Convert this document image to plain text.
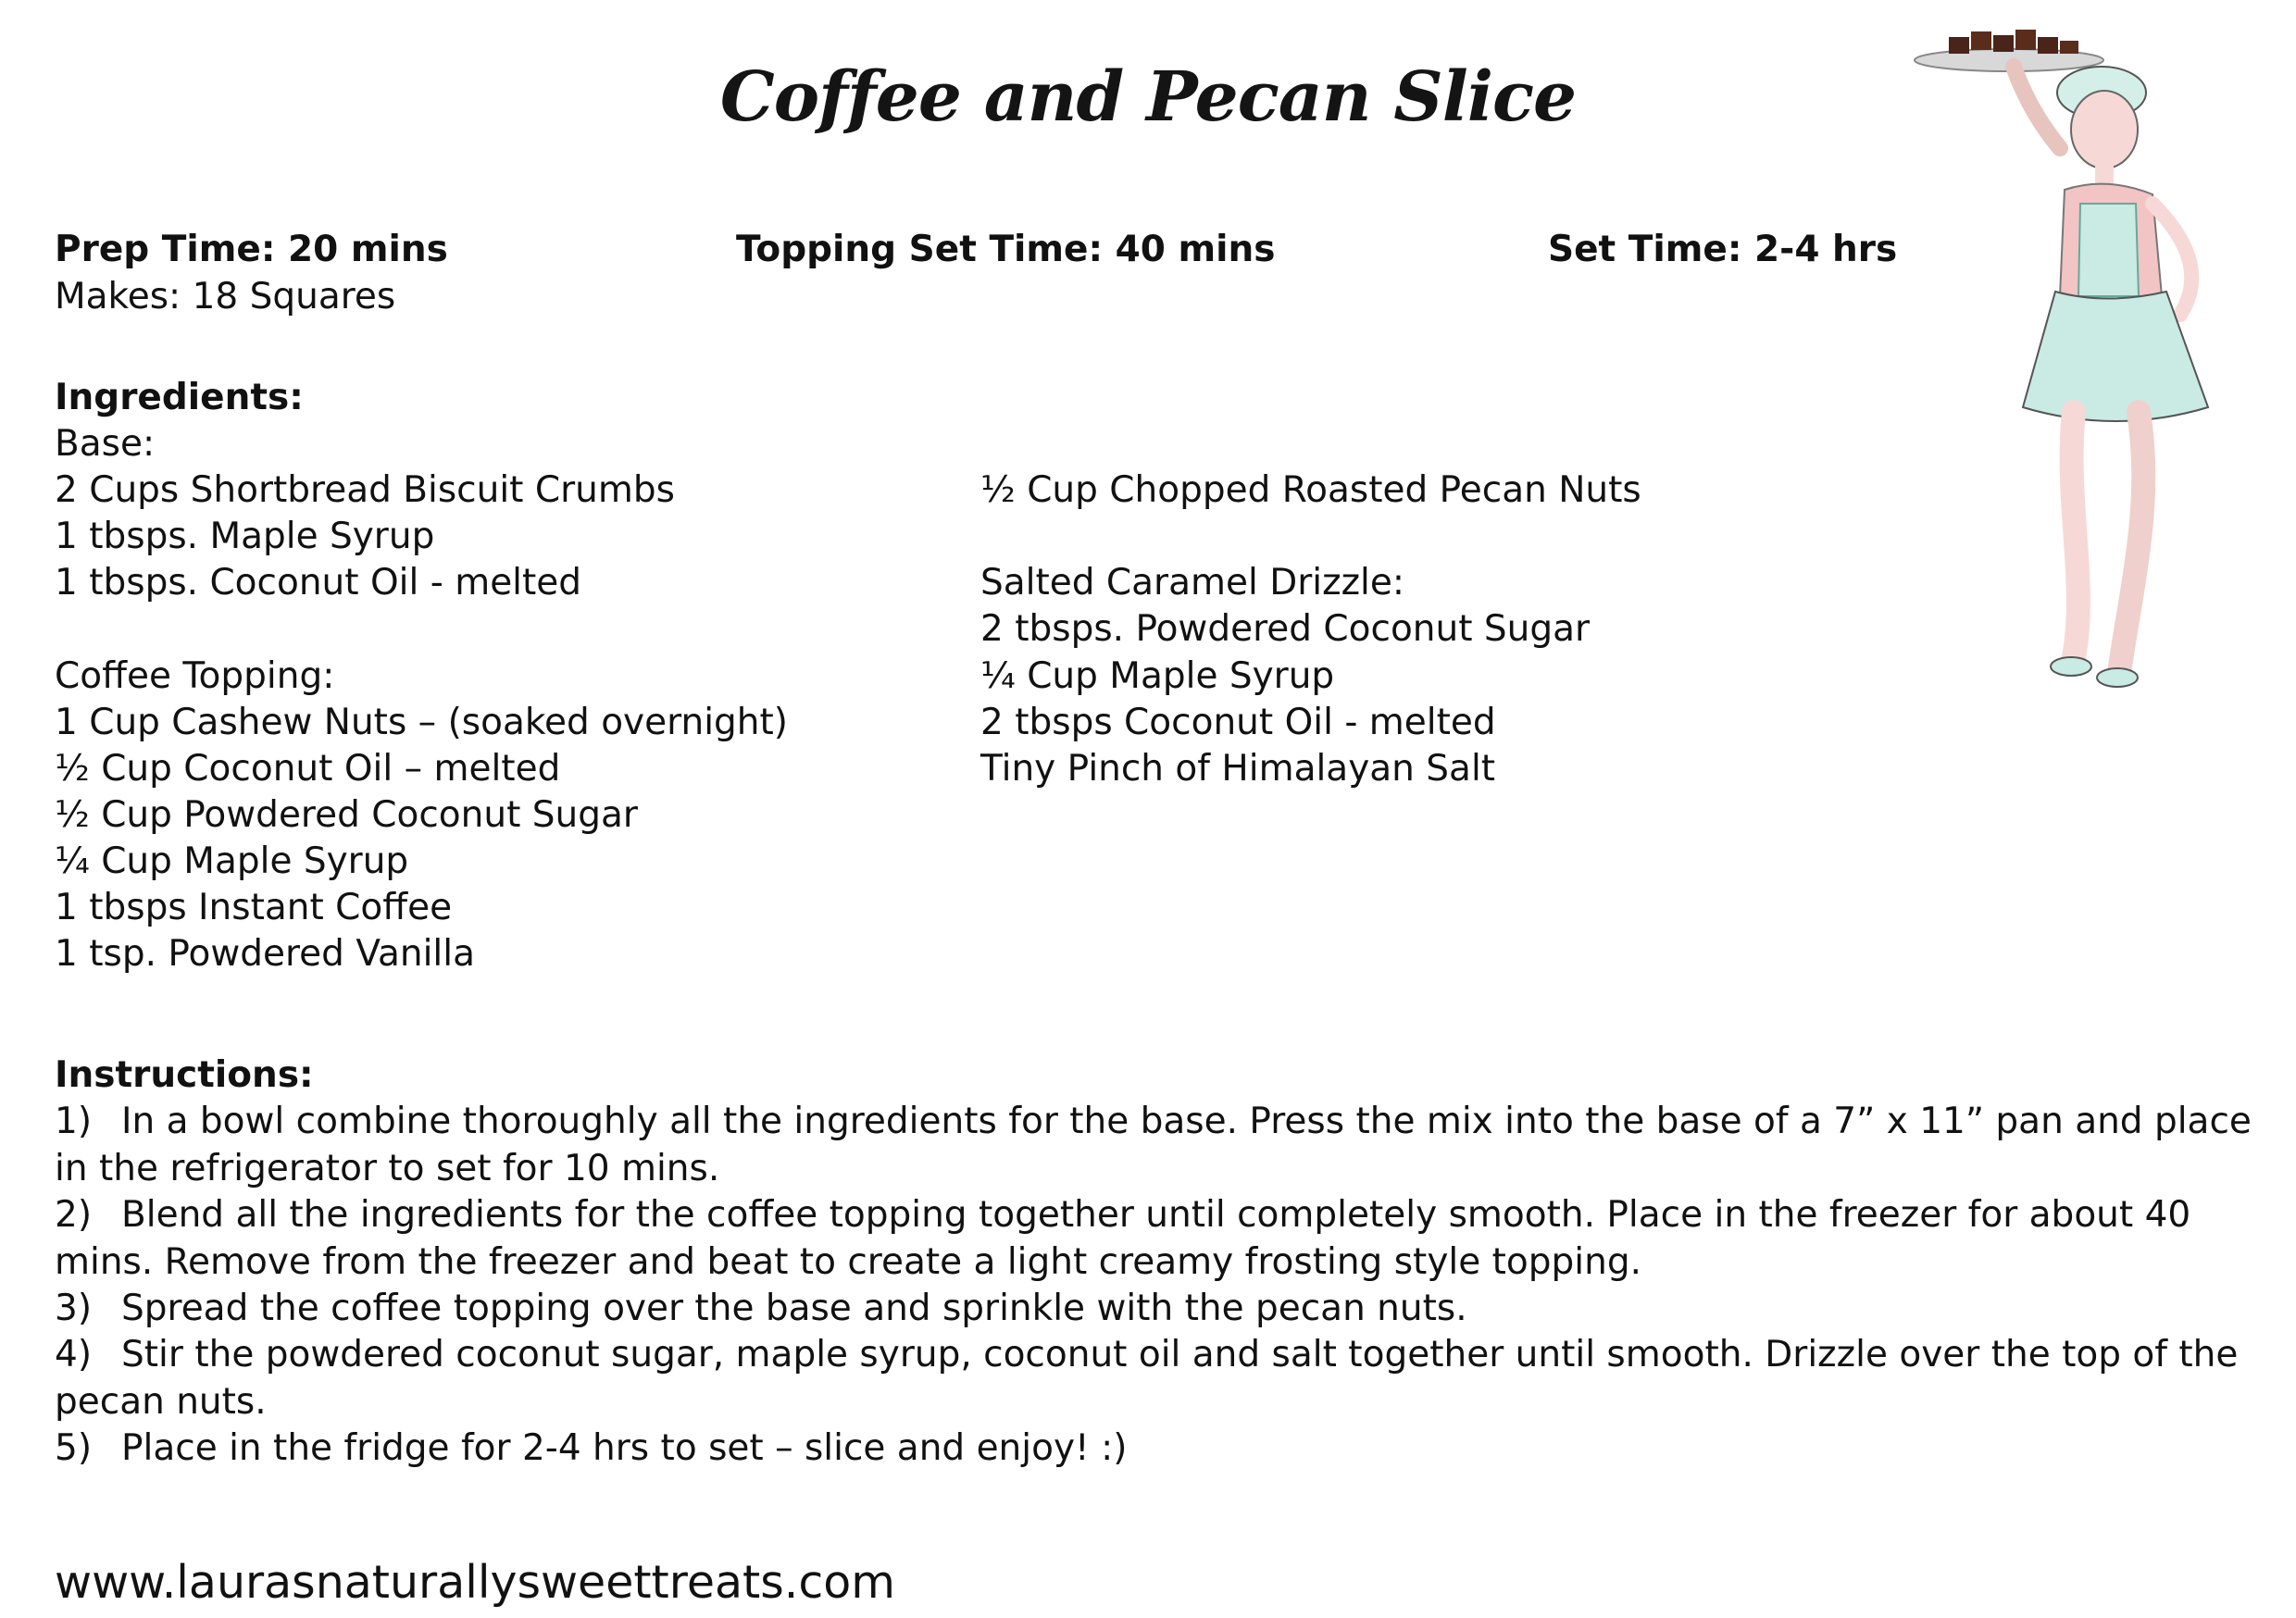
Coffee and Pecan Slice
Prep Time: 20 mins	Topping Set Time: 40 mins	Set Time: 2-4 hrs
Makes: 18 Squares
Ingredients:
Base:
2 Cups Shortbread Biscuit Crumbs
1 tbsps. Maple Syrup
1 tbsps. Coconut Oil - melted
Coffee Topping:
1 Cup Cashew Nuts – (soaked overnight)
½ Cup Coconut Oil – melted
½ Cup Powdered Coconut Sugar
¼ Cup Maple Syrup
1 tbsps Instant Coffee
1 tsp. Powdered Vanilla
½ Cup Chopped Roasted Pecan Nuts
Salted Caramel Drizzle:
2 tbsps. Powdered Coconut Sugar
¼ Cup Maple Syrup
2 tbsps Coconut Oil - melted
Tiny Pinch of Himalayan Salt
Instructions:
1) In a bowl combine thoroughly all the ingredients for the base. Press the mix into the base of a 7” x 11” pan and place in the refrigerator to set for 10 mins.
2) Blend all the ingredients for the coffee topping together until completely smooth. Place in the freezer for about 40 mins. Remove from the freezer and beat to create a light creamy frosting style topping.
3) Spread the coffee topping over the base and sprinkle with the pecan nuts.
4) Stir the powdered coconut sugar, maple syrup, coconut oil and salt together until smooth. Drizzle over the top of the pecan nuts.
5) Place in the fridge for 2-4 hrs to set – slice and enjoy! :)
www.laurasnaturallysweettreats.com
